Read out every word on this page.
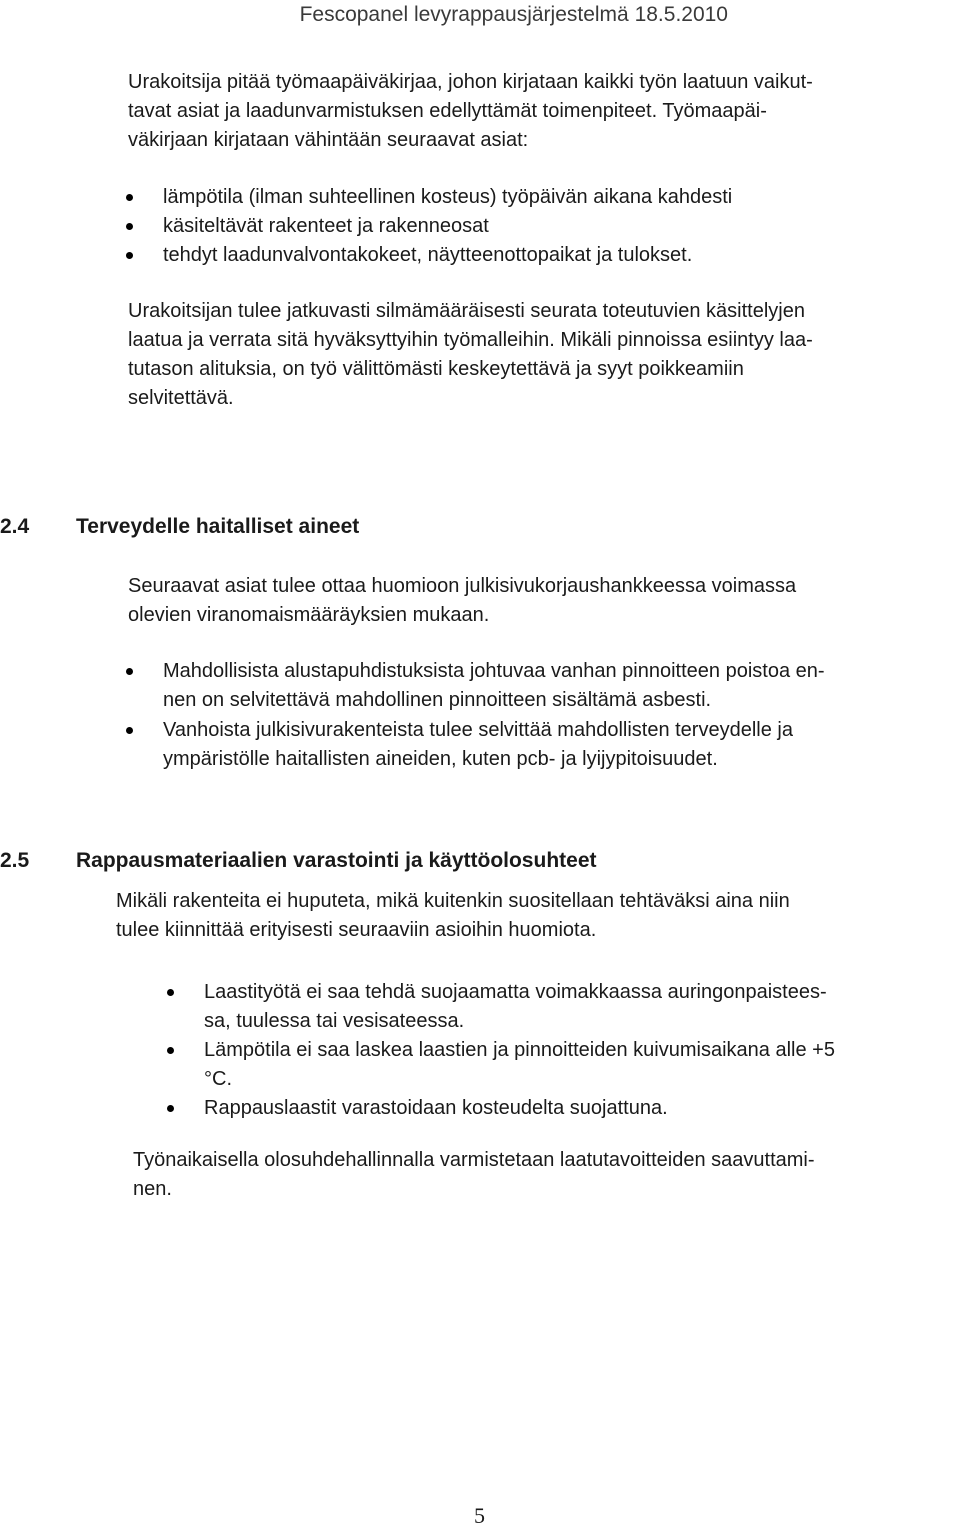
Fescopanel levyrappausjärjestelmä 18.5.2010

Urakoitsija pitää työmaapäiväkirjaa, johon kirjataan kaikki työn laatuun vaikut-
tavat asiat ja laadunvarmistuksen edellyttämät toimenpiteet. Työmaapäi-
väkirjaan kirjataan vähintään seuraavat asiat:

lämpötila (ilman suhteellinen kosteus) työpäivän aikana kahdesti
käsiteltävät rakenteet ja rakenneosat
tehdyt laadunvalvontakokeet, näytteenottopaikat ja tulokset.

Urakoitsijan tulee jatkuvasti silmämääräisesti seurata toteutuvien käsittelyjen
laatua ja verrata sitä hyväksyttyihin työmalleihin. Mikäli pinnoissa esiintyy laa-
tutason alituksia, on työ välittömästi keskeytettävä ja syyt poikkeamiin
selvitettävä.

2.4 Terveydelle haitalliset aineet

Seuraavat asiat tulee ottaa huomioon julkisivukorjaushankkeessa voimassa
olevien viranomaismääräyksien mukaan.

Mahdollisista alustapuhdistuksista johtuvaa vanhan pinnoitteen poistoa en-
nen on selvitettävä mahdollinen pinnoitteen sisältämä asbesti.
Vanhoista julkisivurakenteista tulee selvittää mahdollisten terveydelle ja
ympäristölle haitallisten aineiden, kuten pcb- ja lyijypitoisuudet.
2.5 Rappausmateriaalien varastointi ja käyttöolosuhteet

Mikäli rakenteita ei huputeta, mikä kuitenkin suositellaan tehtäväksi aina niin
tulee kiinnittää erityisesti seuraaviin asioihin huomiota.

Laastityötä ei saa tehdä suojaamatta voimakkaassa auringonpaistees-
sa, tuulessa tai vesisateessa.
Lämpötila ei saa laskea laastien ja pinnoitteiden kuivumisaikana alle +5
°C.
Rappauslaastit varastoidaan kosteudelta suojattuna.

Työnaikaisella olosuhdehallinnalla varmistetaan laatutavoitteiden saavuttami-
nen.

5
